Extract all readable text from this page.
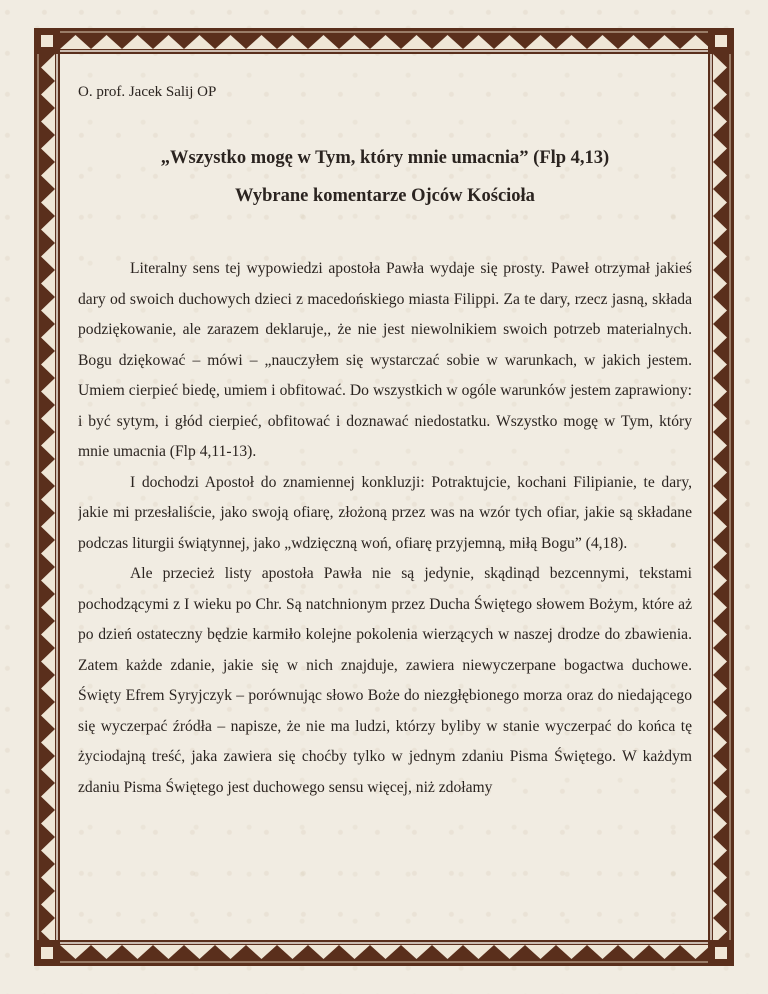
O. prof. Jacek Salij OP
„Wszystko mogę w Tym, który mnie umacnia” (Flp 4,13)
Wybrane komentarze Ojców Kościoła

Literalny sens tej wypowiedzi apostoła Pawła wydaje się prosty. Paweł otrzymał jakieś dary od swoich duchowych dzieci z macedońskiego miasta Filippi. Za te dary, rzecz jasną, składa podziękowanie, ale zarazem deklaruje,, że nie jest niewolnikiem swoich potrzeb materialnych. Bogu dziękować – mówi – „nauczyłem się wystarczać sobie w warunkach, w jakich jestem. Umiem cierpieć biedę, umiem i obfitować. Do wszystkich w ogóle warunków jestem zaprawiony: i być sytym, i głód cierpieć, obfitować i doznawać niedostatku. Wszystko mogę w Tym, który mnie umacnia (Flp 4,11-13).

I dochodzi Apostoł do znamiennej konkluzji: Potraktujcie, kochani Filipianie, te dary, jakie mi przesłaliście, jako swoją ofiarę, złożoną przez was na wzór tych ofiar, jakie są składane podczas liturgii świątynnej, jako „wdzięczną woń, ofiarę przyjemną, miłą Bogu” (4,18).

Ale przecież listy apostoła Pawła nie są jedynie, skądinąd bezcennymi, tekstami pochodzącymi z I wieku po Chr. Są natchnionym przez Ducha Świętego słowem Bożym, które aż po dzień ostateczny będzie karmiło kolejne pokolenia wierzących w naszej drodze do zbawienia. Zatem każde zdanie, jakie się w nich znajduje, zawiera niewyczerpane bogactwa duchowe. Święty Efrem Syryjczyk – porównując słowo Boże do niezgłębionego morza oraz do niedającego się wyczerpać źródła – napisze, że nie ma ludzi, którzy byliby w stanie wyczerpać do końca tę życiodajną treść, jaka zawiera się choćby tylko w jednym zdaniu Pisma Świętego. W każdym zdaniu Pisma Świętego jest duchowego sensu więcej, niż zdołamy
